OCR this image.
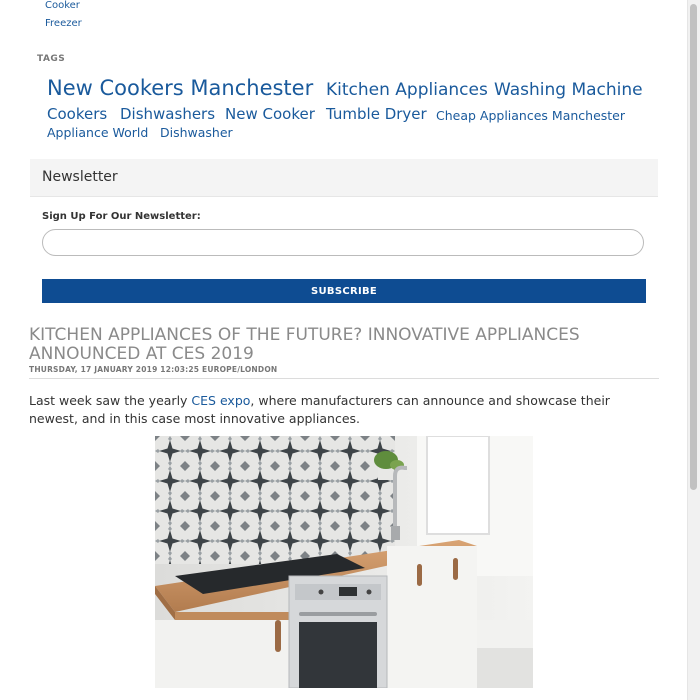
Cooker
Freezer
TAGS
New Cookers Manchester Kitchen Appliances Washing Machine
Cookers Dishwashers New Cooker Tumble Dryer Cheap Appliances Manchester
Appliance World Dishwasher
Newsletter
Sign Up For Our Newsletter:
SUBSCRIBE
KITCHEN APPLIANCES OF THE FUTURE? INNOVATIVE APPLIANCES ANNOUNCED AT CES 2019
THURSDAY, 17 JANUARY 2019 12:03:25 EUROPE/LONDON

Last week saw the yearly CES expo, where manufacturers can announce and showcase their newest, and in this case most innovative appliances.
